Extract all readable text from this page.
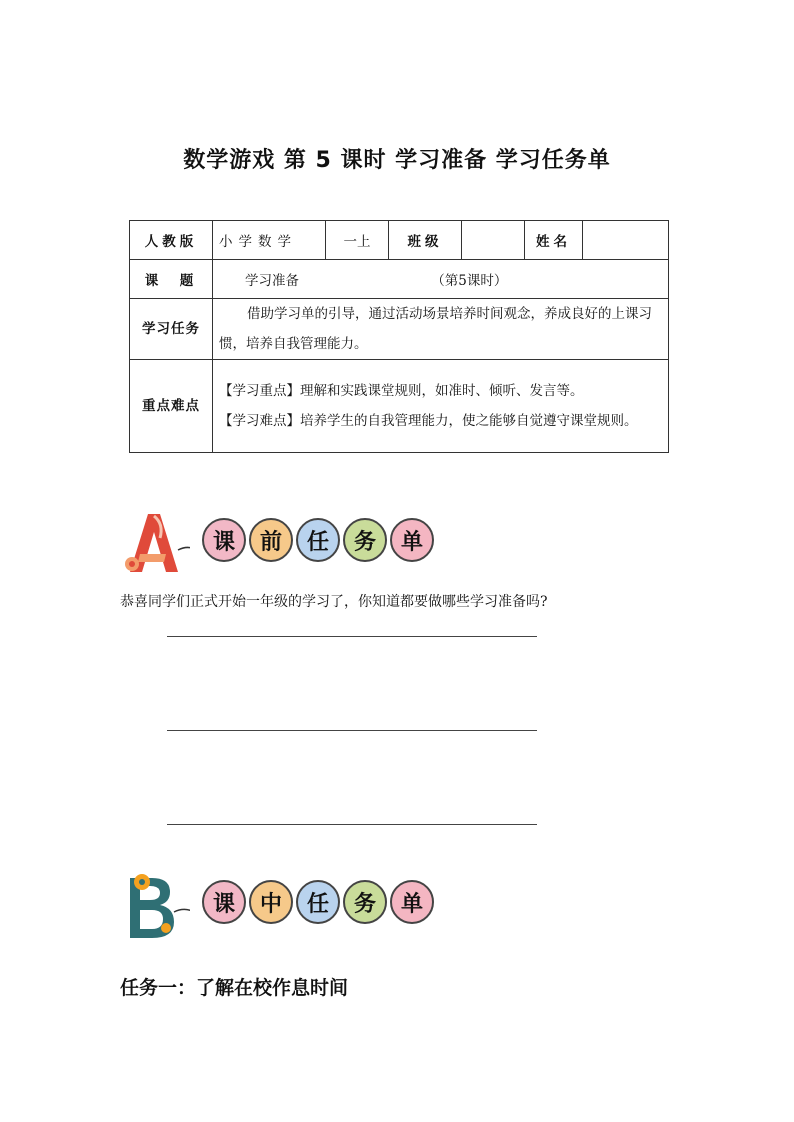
数学游戏 第 5 课时 学习准备 学习任务单
人教版	小学数学	一上	班级		姓名	
课　题	学习准备 （第5课时）					
学习任务	借助学习单的引导，通过活动场景培养时间观念，养成良好的上课习惯，培养自我管理能力。					
重点难点	【学习重点】理解和实践课堂规则，如准时、倾听、发言等。
【学习难点】培养学生的自我管理能力，使之能够自觉遵守课堂规则。					
课	前	任	务	单
恭喜同学们正式开始一年级的学习了，你知道都要做哪些学习准备吗?
课	中	任	务	单
任务一：了解在校作息时间
